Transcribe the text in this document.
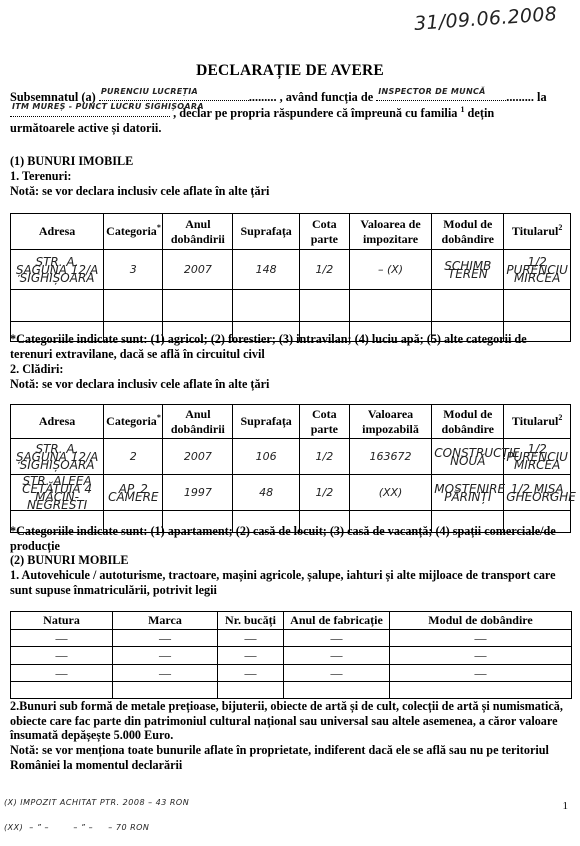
31/09.06.2008
DECLARAȚIE DE AVERE
Subsemnatul (a) PURENCIU LUCREȚIA	......... , având funcția de INSPECTOR DE MUNCĂ ......... la
ITM MUREȘ - PUNCT LUCRU SIGHIȘOARA
, declar pe propria răspundere că împreună cu familia $^1$ dețin
următoarele active și datorii.
(1) BUNURI IMOBILE
1. Terenuri:
Notă: se vor declara inclusiv cele aflate în alte țări
Adresa	Categoria*	Anul dobândirii	Suprafața	Cota parte	Valoarea de impozitare	Modul de dobândire	Titularul$^2$
STR. A. ȘAGUNA 12/A SIGHIȘOARA	3	2007	148	1/2	– (X)	SCHIMB TEREN	1/2 PURENCIU MIRCEA

*Categoriile indicate sunt: (1) agricol; (2) forestier; (3) intravilan; (4) luciu apă; (5) alte categorii de terenuri extravilane, dacă se află în circuitul civil
2. Clădiri:
Notă: se vor declara inclusiv cele aflate în alte țări
Adresa	Categoria*	Anul dobândirii	Suprafața	Cota parte	Valoarea impozabilă	Modul de dobândire	Titularul$^2$
STR. A. ȘAGUNA 12/A SIGHIȘOARA	2	2007	106	1/2	163672	CONSTRUCȚIE NOUĂ	1/2 PURENCIU MIRCEA
STR. ALEEA CETĂȚUIA 4 MĂCIN-NEGRESTI	AP. 2 CAMERE	1997	48	1/2	(XX)	MOȘTENIRE PĂRINȚI	1/2 MIȘA GHEORGHE

*Categoriile indicate sunt: (1) apartament; (2) casă de locuit; (3) casă de vacanță; (4) spații comerciale/de producție
(2) BUNURI MOBILE
1. Autovehicule / autoturisme, tractoare, mașini agricole, șalupe, iahturi și alte mijloace de transport care sunt supuse înmatriculării, potrivit legii
Natura	Marca	Nr. bucăți	Anul de fabricație	Modul de dobândire
—	—	—	—	—
—	—	—	—	—
—	—	—	—	—

2.Bunuri sub formă de metale prețioase, bijuterii, obiecte de artă și de cult, colecții de artă și numismatică, obiecte care fac parte din patrimoniul cultural național sau universal sau altele asemenea, a căror valoare însumată depășește 5.000 Euro.
Notă: se vor menționa toate bunurile aflate în proprietate, indiferent dacă ele se află sau nu pe teritoriul României la momentul declarării
(X) IMPOZIT ACHITAT PTR. 2008 – 43 RON
(XX)  – ” –        – ” –     – 70 RON
1
